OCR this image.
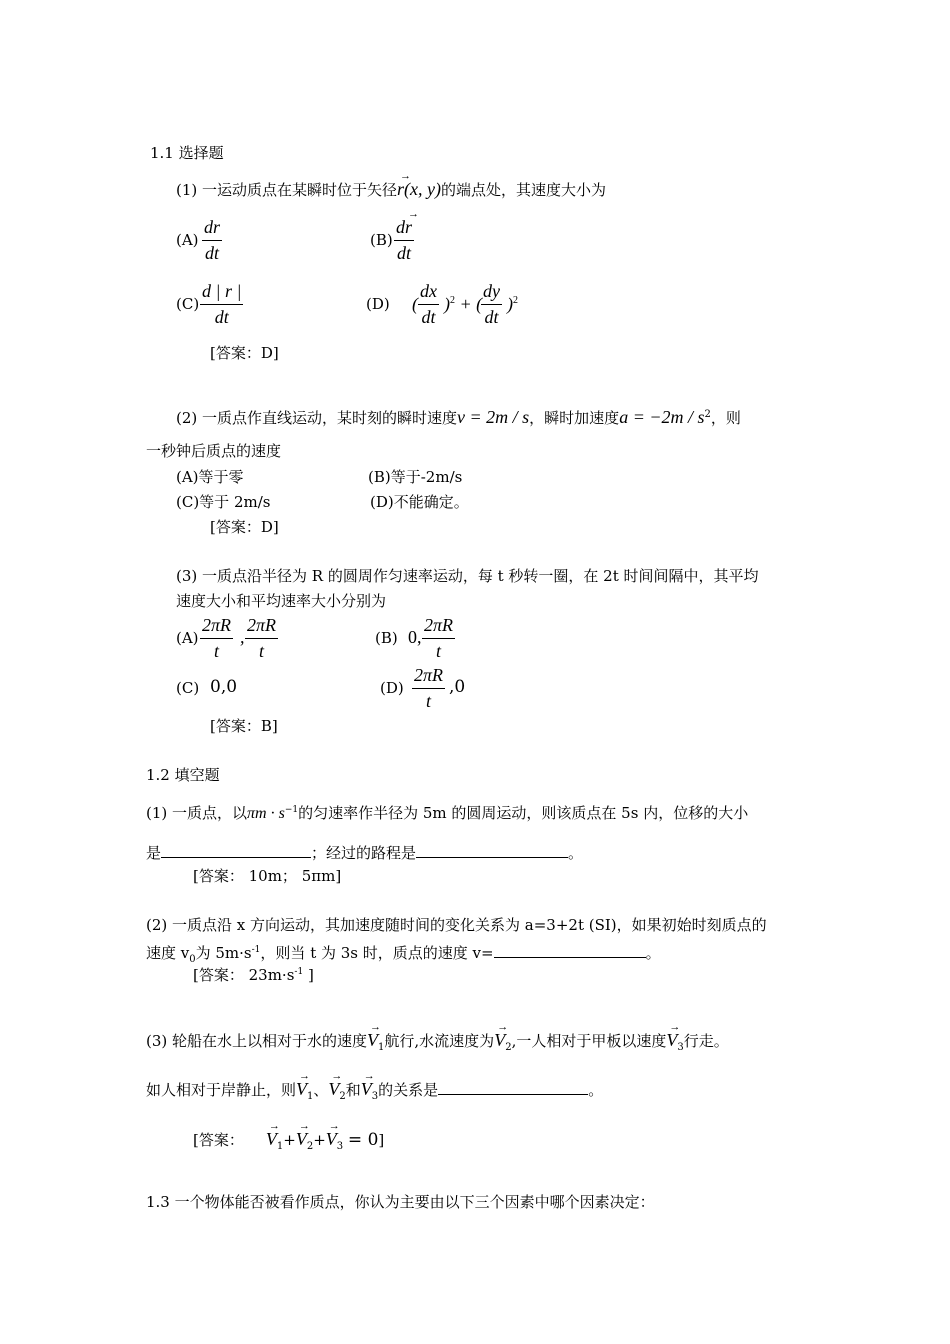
1.1 选择题
(1) 一运动质点在某瞬时位于矢径→ r(x, y)的端点处，其速度大小为
(A)
dr
dt
(B)
d→ r
dt
(C)
d | r |
dt
(D) (
dx
dt
)$^2$ + (
dy
dt
)$^2$
[答案：D]
(2) 一质点作直线运动，某时刻的瞬时速度v = 2m / s，瞬时加速度$a = -2m / s^2$，则
一秒钟后质点的速度
(A)等于零	(B)等于-2m/s
(C)等于 2m/s	(D)不能确定。
[答案：D]
(3) 一质点沿半径为 R 的圆周作匀速率运动，每 t 秒转一圈，在 2t 时间间隔中，其平均
速度大小和平均速率大小分别为
(A)
2πR
t
,
2πR
t
(B) 0,
2πR
t
(C) 0,0	(D)
2πR
t
,0
[答案：B]
1.2 填空题
(1) 一质点，以$\pi m \cdot s^{-1}$的匀速率作半径为 5m 的圆周运动，则该质点在 5s 内，位移的大小
是	；经过的路程是	。
[答案： 10m； 5πm]
(2) 一质点沿 x 方向运动，其加速度随时间的变化关系为 a=3+2t (SI)，如果初始时刻质点的
速度 $v_0$为 $5m\cdot s^{-1}$，则当 t 为 3s 时，质点的速度 v=	。
[答案： $23m\cdot s^{-1}$ ]
(3) 轮船在水上以相对于水的速度→ $V_1$航行,水流速度为→ $V_2$,一人相对于甲板以速度→ $V_3$行走。
如人相对于岸静止，则→ $V_1$、→ $V_2$和→ $V_3$的关系是	。
[答案：→ $V_1+\to V_2+\to V_3 = 0$]
1.3 一个物体能否被看作质点，你认为主要由以下三个因素中哪个因素决定：
